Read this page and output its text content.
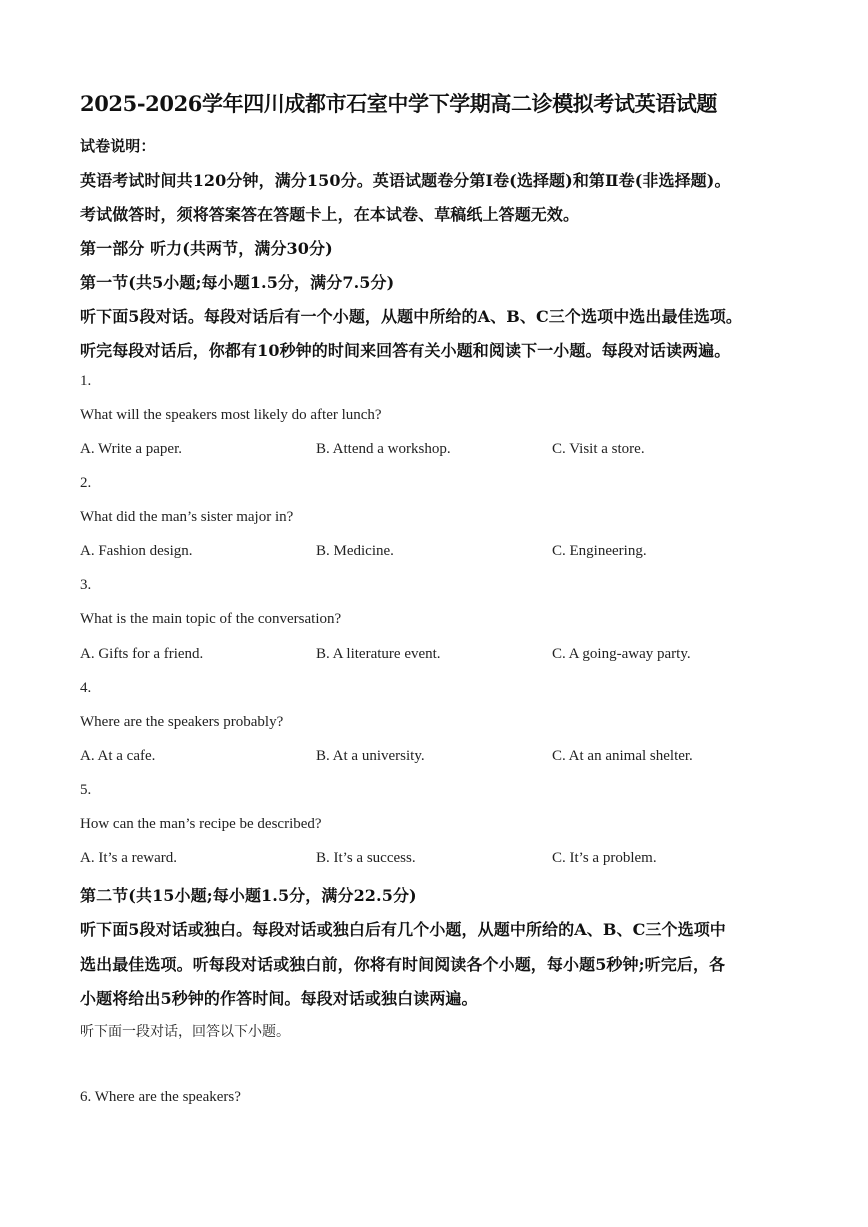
2025-2026学年四川成都市石室中学下学期高二诊模拟考试英语试题
试卷说明：
英语考试时间共120分钟，满分150分。英语试题卷分第Ⅰ卷(选择题)和第Ⅱ卷(非选择题)。
考试做答时，须将答案答在答题卡上，在本试卷、草稿纸上答题无效。
第一部分 听力(共两节，满分30分)
第一节(共5小题;每小题1.5分，满分7.5分)
听下面5段对话。每段对话后有一个小题，从题中所给的A、B、C三个选项中选出最佳选项。
听完每段对话后，你都有10秒钟的时间来回答有关小题和阅读下一小题。每段对话读两遍。
1.
What will the speakers most likely do after lunch?
A. Write a paper.	B. Attend a workshop.	C. Visit a store.
2.
What did the man’s sister major in?
A. Fashion design.	B. Medicine.	C. Engineering.
3.
What is the main topic of the conversation?
A. Gifts for a friend.	B. A literature event.	C. A going-away party.
4.
Where are the speakers probably?
A. At a cafe.	B. At a university.	C. At an animal shelter.
5.
How can the man’s recipe be described?
A. It’s a reward.	B. It’s a success.	C. It’s a problem.
第二节(共15小题;每小题1.5分，满分22.5分)
听下面5段对话或独白。每段对话或独白后有几个小题，从题中所给的A、B、C三个选项中
选出最佳选项。听每段对话或独白前，你将有时间阅读各个小题，每小题5秒钟;听完后，各
小题将给出5秒钟的作答时间。每段对话或独白读两遍。
听下面一段对话，回答以下小题。
6. Where are the speakers?
